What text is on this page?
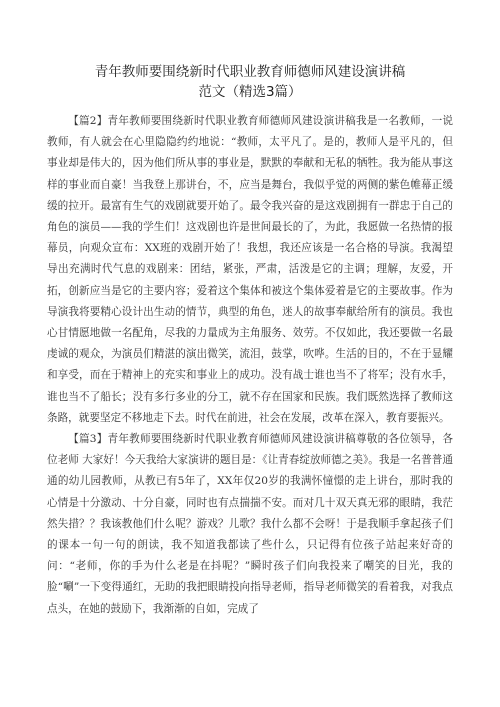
青年教师要围绕新时代职业教育师德师风建设演讲稿
范文（精选3篇）

【篇2】青年教师要围绕新时代职业教育师德师风建设演讲稿我是一名教师，一说教师，有人就会在心里隐隐约约地说：“教师，太平凡了。是的，教师人是平凡的，但事业却是伟大的，因为他们所从事的事业是，默默的奉献和无私的牺牲。我为能从事这样的事业而自豪！当我登上那讲台，不，应当是舞台，我似乎觉的两侧的紫色帷幕正缓缓的拉开。最富有生气的戏剧就要开始了。最令我兴奋的是这戏剧拥有一群忠于自己的角色的演员——我的学生们！这戏剧也许是世间最长的了，为此，我愿做一名热情的报幕员，向观众宣布：XX班的戏剧开始了！我想，我还应该是一名合格的导演。我渴望导出充满时代气息的戏剧来：团结，紧张，严肃，活泼是它的主调；理解，友爱，开拓，创新应当是它的主要内容；爱着这个集体和被这个集体爱着是它的主要故事。作为导演我将要精心设计出生动的情节，典型的角色，迷人的故事奉献给所有的演员。我也心甘情愿地做一名配角，尽我的力量成为主角服务、效劳。不仅如此，我还要做一名最虔诚的观众，为演员们精湛的演出微笑，流泪，鼓掌，吹哗。生活的目的，不在于显耀和享受，而在于精神上的充实和事业上的成功。没有战士谁也当不了将军；没有水手，谁也当不了船长；没有多行多业的分工，就不存在国家和民族。我们既然选择了教师这条路，就要坚定不移地走下去。时代在前进，社会在发展，改革在深入，教育要振兴。

【篇3】青年教师要围绕新时代职业教育师德师风建设演讲稿尊敬的各位领导，各位老师 大家好！今天我给大家演讲的题目是：《让青春绽放师德之美》。我是一名普普通通的幼儿园教师，从教已有5年了，XX年仅20岁的我满怀憧憬的走上讲台，那时我的心情是十分激动、十分自豪，同时也有点揣揣不安。而对几十双天真无邪的眼睛，我茫然失措？？我该教他们什么呢？游戏？儿歌？我什么都不会呀！于是我顺手拿起孩子们的课本一句一句的朗读，我不知道我都读了些什么，只记得有位孩子站起来好奇的问：“老师，你的手为什么老是在抖呢？”瞬时孩子们向我投来了嘲笑的目光，我的脸“唰”一下变得通红，无助的我把眼睛投向指导老师，指导老师微笑的看着我，对我点点头，在她的鼓励下，我渐渐的自如，完成了
